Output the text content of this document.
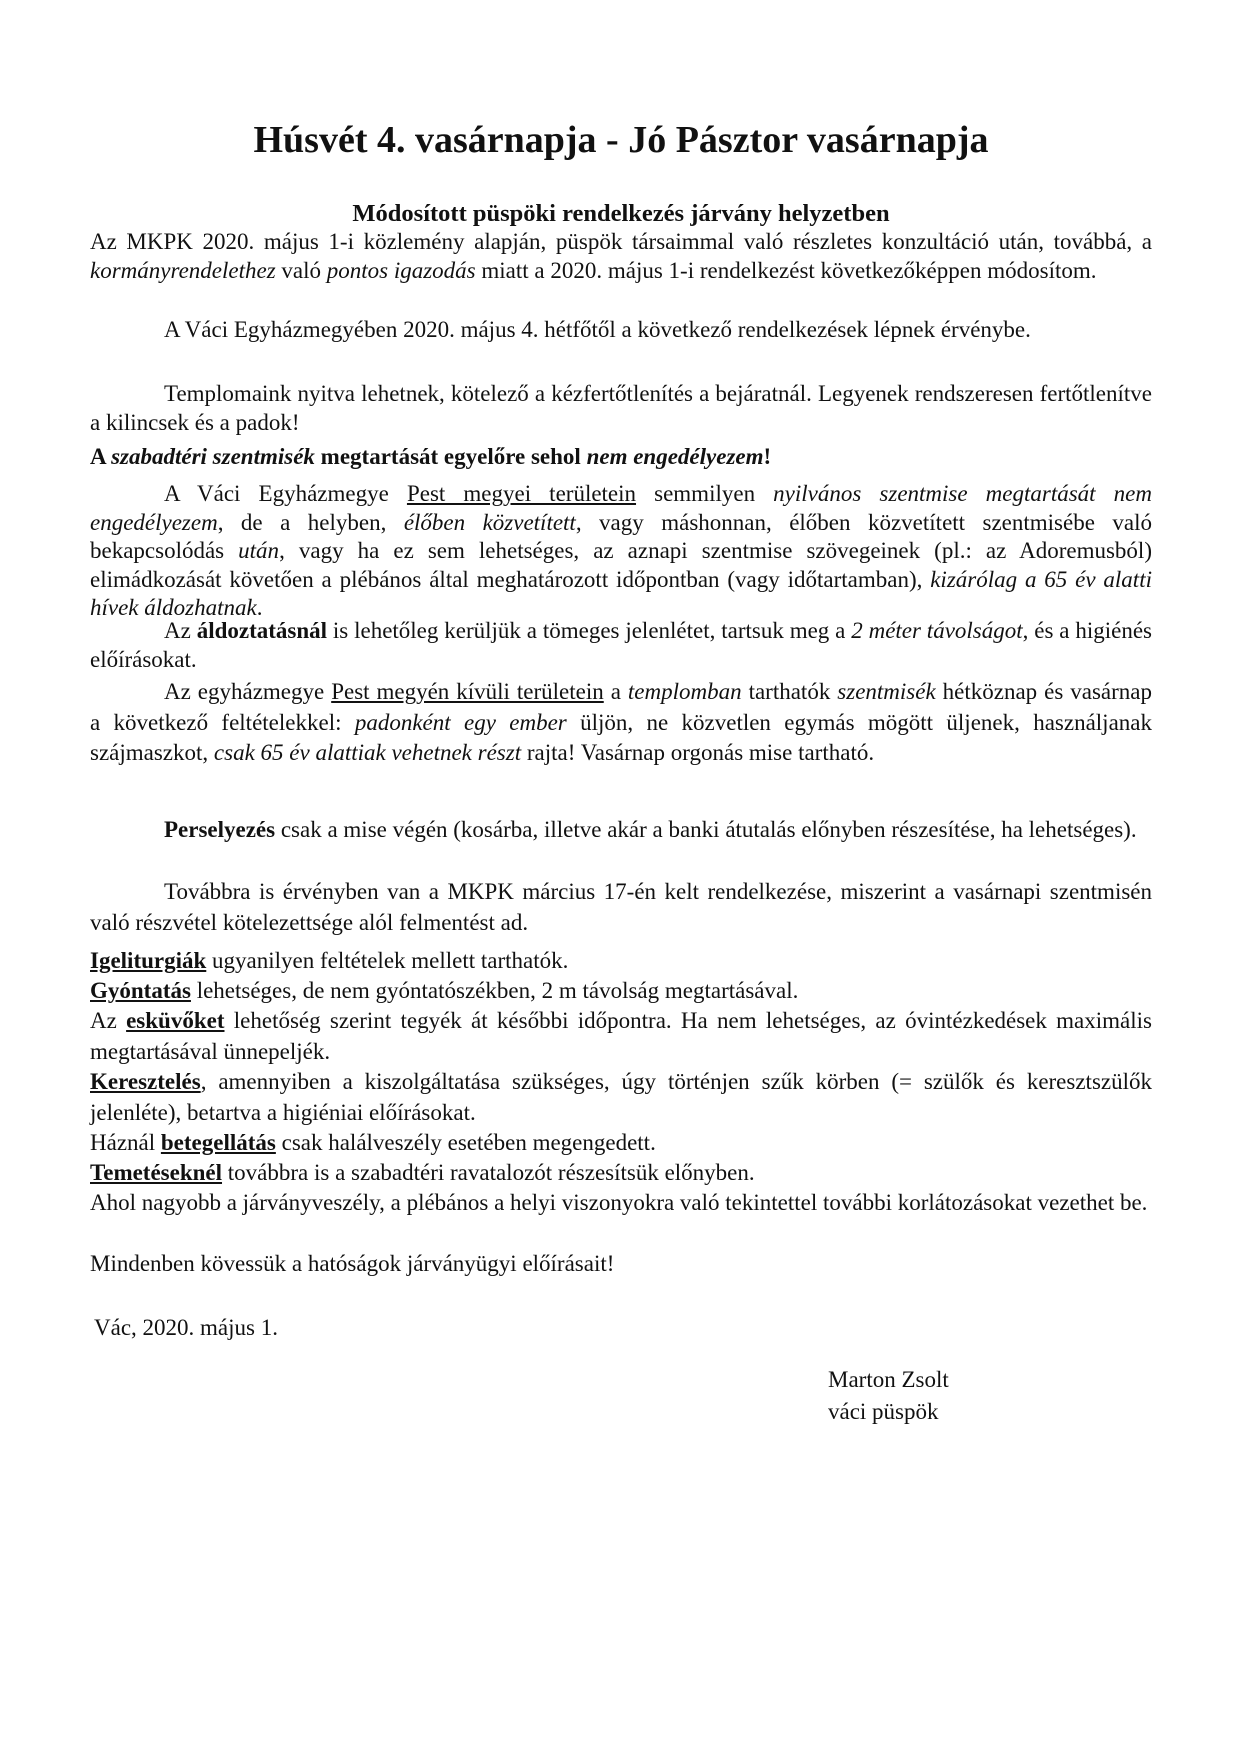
Húsvét 4. vasárnapja - Jó Pásztor vasárnapja
Módosított püspöki rendelkezés járvány helyzetben

Az MKPK 2020. május 1-i közlemény alapján, püspök társaimmal való részletes konzultáció után, továbbá, a kormányrendelethez való pontos igazodás miatt a 2020. május 1-i rendelkezést következőképpen módosítom.

A Váci Egyházmegyében 2020. május 4. hétfőtől a következő rendelkezések lépnek érvénybe.

Templomaink nyitva lehetnek, kötelező a kézfertőtlenítés a bejáratnál. Legyenek rendszeresen fertőtlenítve a kilincsek és a padok!

A szabadtéri szentmisék megtartását egyelőre sehol nem engedélyezem!

A Váci Egyházmegye Pest megyei területein semmilyen nyilvános szentmise megtartását nem engedélyezem, de a helyben, élőben közvetített, vagy máshonnan, élőben közvetített szentmisébe való bekapcsolódás után, vagy ha ez sem lehetséges, az aznapi szentmise szövegeinek (pl.: az Adoremusból) elimádkozását követően a plébános által meghatározott időpontban (vagy időtartamban), kizárólag a 65 év alatti hívek áldozhatnak.

Az áldoztatásnál is lehetőleg kerüljük a tömeges jelenlétet, tartsuk meg a 2 méter távolságot, és a higiénés előírásokat.

Az egyházmegye Pest megyén kívüli területein a templomban tarthatók szentmisék hétköznap és vasárnap a következő feltételekkel: padonként egy ember üljön, ne közvetlen egymás mögött üljenek, használjanak szájmaszkot, csak 65 év alattiak vehetnek részt rajta! Vasárnap orgonás mise tartható.

Perselyezés csak a mise végén (kosárba, illetve akár a banki átutalás előnyben részesítése, ha lehetséges).

Továbbra is érvényben van a MKPK március 17-én kelt rendelkezése, miszerint a vasárnapi szentmisén való részvétel kötelezettsége alól felmentést ad.

Igeliturgiák ugyanilyen feltételek mellett tarthatók.

Gyóntatás lehetséges, de nem gyóntatószékben, 2 m távolság megtartásával.

Az esküvőket lehetőség szerint tegyék át későbbi időpontra. Ha nem lehetséges, az óvintézkedések maximális megtartásával ünnepeljék.

Keresztelés, amennyiben a kiszolgáltatása szükséges, úgy történjen szűk körben (= szülők és keresztszülők jelenléte), betartva a higiéniai előírásokat.

Háznál betegellátás csak halálveszély esetében megengedett.

Temetéseknél továbbra is a szabadtéri ravatalozót részesítsük előnyben.

Ahol nagyobb a járványveszély, a plébános a helyi viszonyokra való tekintettel további korlátozásokat vezethet be.

Mindenben kövessük a hatóságok járványügyi előírásait!

Vác, 2020. május 1.
Marton Zsolt
váci püspök
